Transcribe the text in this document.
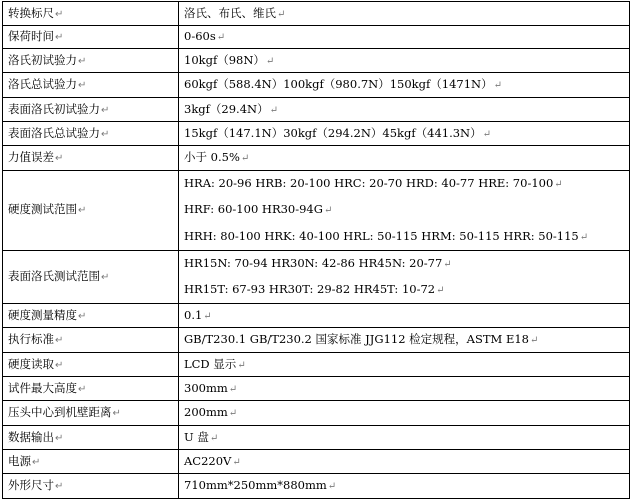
转换标尺↵	洛氏、布氏、维氏↵

保荷时间↵	0-60s↵

洛氏初试验力↵	10kgf（98N）↵

洛氏总试验力↵	60kgf（588.4N）100kgf（980.7N）150kgf（1471N）↵

表面洛氏初试验力↵	3kgf（29.4N）↵

表面洛氏总试验力↵	15kgf（147.1N）30kgf（294.2N）45kgf（441.3N）↵

力值误差↵	小于 0.5%↵

硬度测试范围↵	HRA: 20-96 HRB: 20-100 HRC: 20-70 HRD: 40-77 HRE: 70-100↵
HRF: 60-100 HR30-94G↵
HRH: 80-100 HRK: 40-100 HRL: 50-115 HRM: 50-115 HRR: 50-115↵

表面洛氏测试范围↵	HR15N: 70-94 HR30N: 42-86 HR45N: 20-77↵
HR15T: 67-93 HR30T: 29-82 HR45T: 10-72↵

硬度测量精度↵	0.1↵

执行标准↵	GB/T230.1 GB/T230.2 国家标准 JJG112 检定规程，ASTM E18↵

硬度读取↵	LCD 显示↵

试件最大高度↵	300mm↵

压头中心到机壁距离↵	200mm↵

数据输出↵	U 盘↵

电源↵	AC220V↵

外形尺寸↵	710mm*250mm*880mm↵
